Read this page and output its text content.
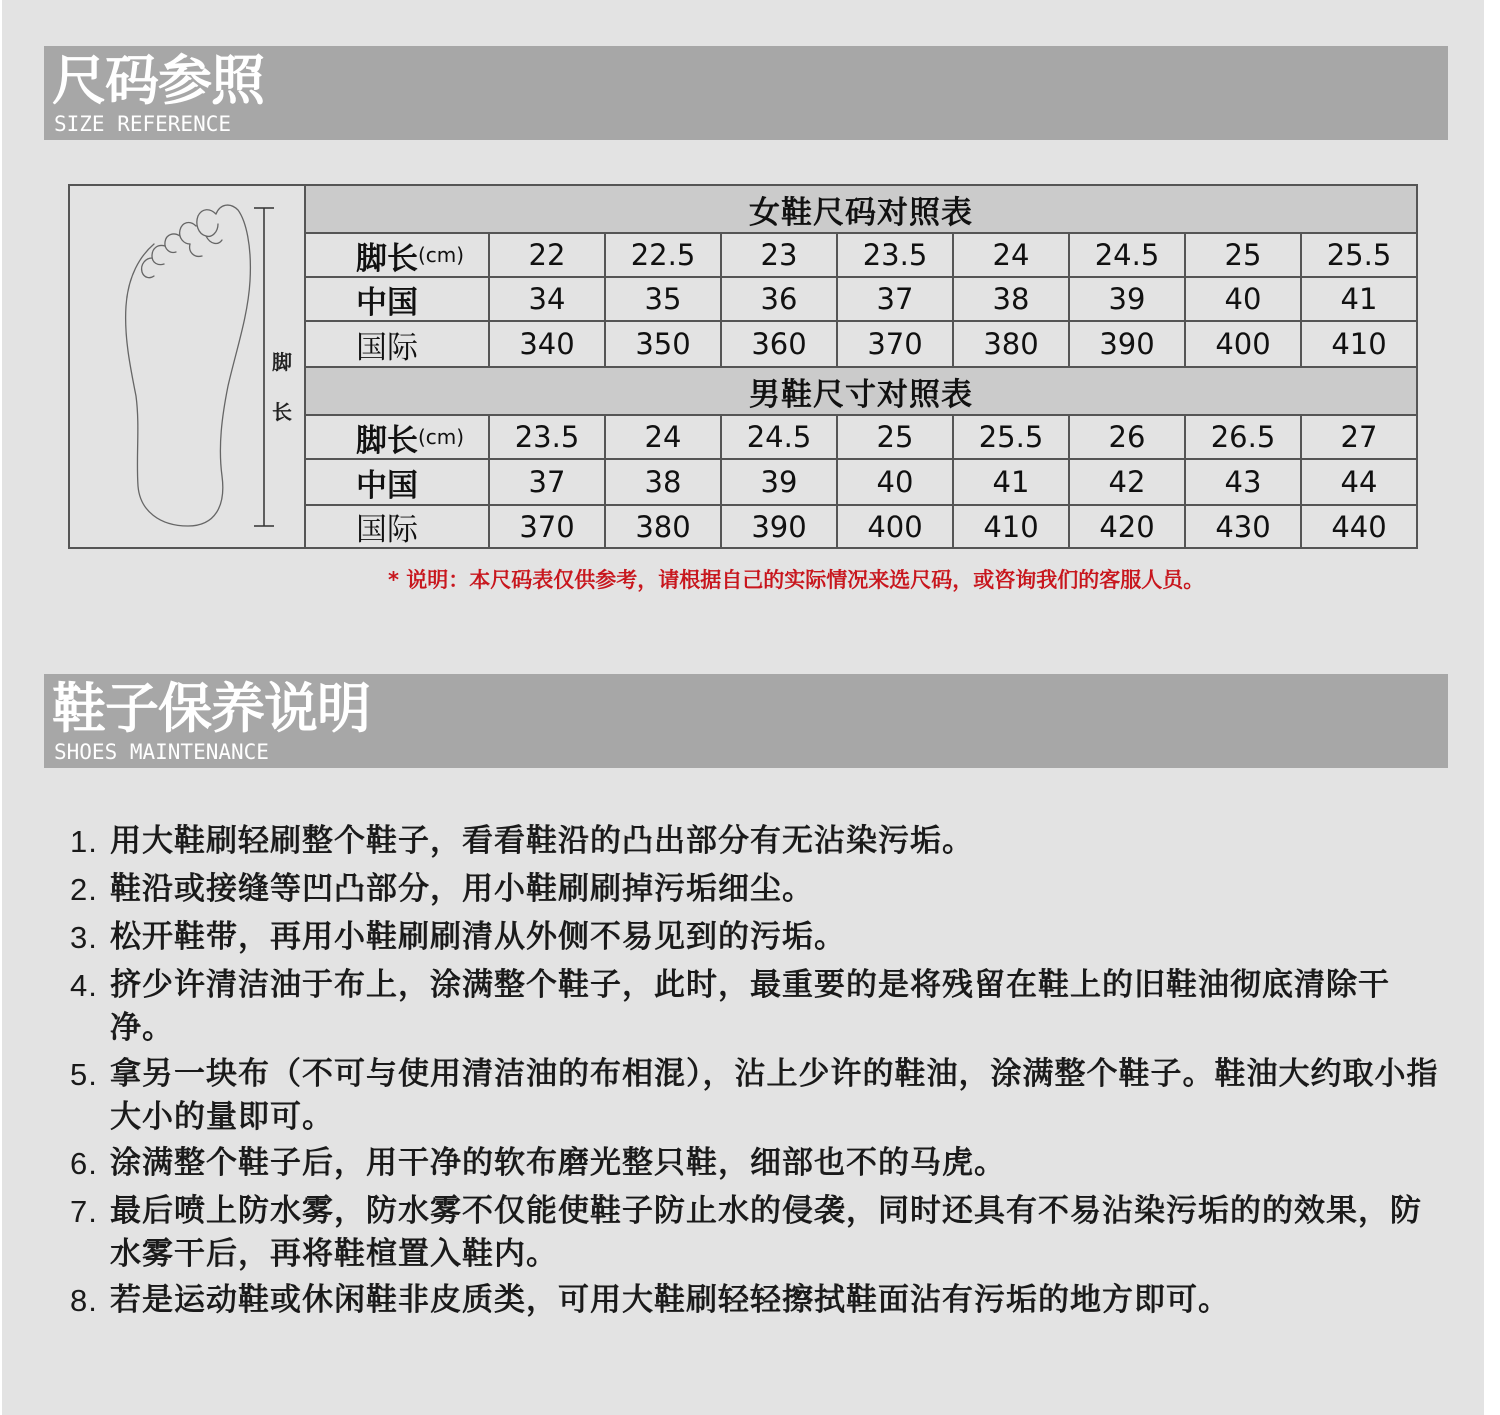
尺码参照
SIZE REFERENCE
脚
长
女鞋尺码对照表
脚长 (cm)	22	22.5	23	23.5	24	24.5	25	25.5
中国	34	35	36	37	38	39	40	41
国际	340	350	360	370	380	390	400	410
男鞋尺寸对照表
脚长 (cm)	23.5	24	24.5	25	25.5	26	26.5	27
中国	37	38	39	40	41	42	43	44
国际	370	380	390	400	410	420	430	440
* 说明：本尺码表仅供参考，请根据自己的实际情况来选尺码，或咨询我们的客服人员。
鞋子保养说明
SHOES MAINTENANCE
1. 用大鞋刷轻刷整个鞋子，看看鞋沿的凸出部分有无沾染污垢。
2. 鞋沿或接缝等凹凸部分，用小鞋刷刷掉污垢细尘。
3. 松开鞋带，再用小鞋刷刷清从外侧不易见到的污垢。
4. 挤少许清洁油于布上，涂满整个鞋子，此时，最重要的是将残留在鞋上的旧鞋油彻底清除干净。
5. 拿另一块布（不可与使用清洁油的布相混），沾上少许的鞋油，涂满整个鞋子。鞋油大约取小指大小的量即可。
6. 涂满整个鞋子后，用干净的软布磨光整只鞋，细部也不的马虎。
7. 最后喷上防水雾，防水雾不仅能使鞋子防止水的侵袭，同时还具有不易沾染污垢的的效果，防水雾干后，再将鞋楦置入鞋内。
8. 若是运动鞋或休闲鞋非皮质类，可用大鞋刷轻轻擦拭鞋面沾有污垢的地方即可。
